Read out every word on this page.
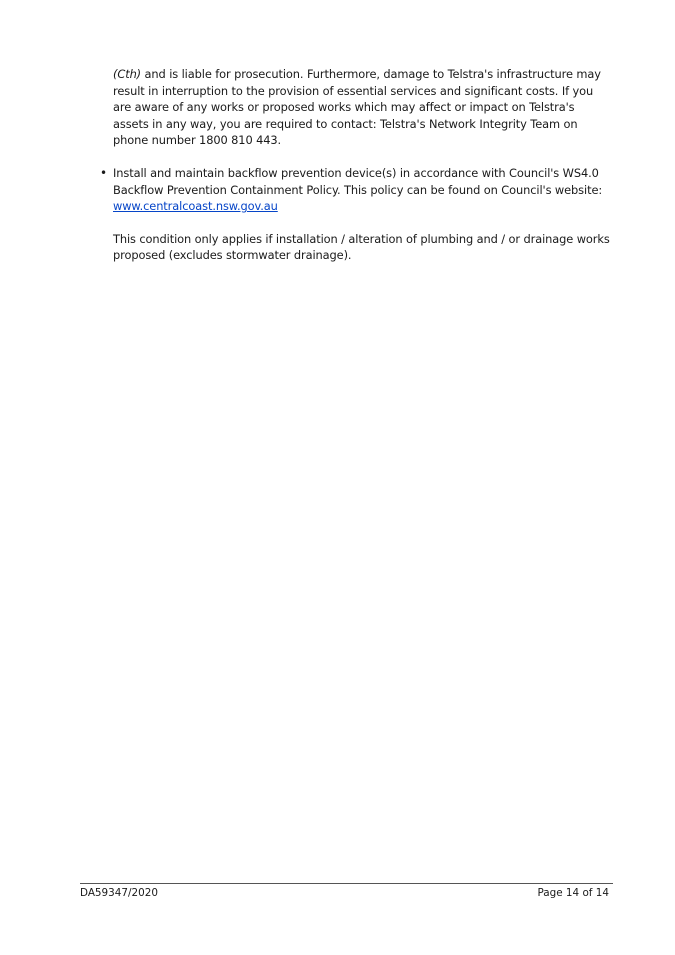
(Cth) and is liable for prosecution. Furthermore, damage to Telstra's infrastructure may result in interruption to the provision of essential services and significant costs. If you are aware of any works or proposed works which may affect or impact on Telstra's assets in any way, you are required to contact: Telstra's Network Integrity Team on phone number 1800 810 443.

• Install and maintain backflow prevention device(s) in accordance with Council's WS4.0 Backflow Prevention Containment Policy. This policy can be found on Council's website:
www.centralcoast.nsw.gov.au

This condition only applies if installation / alteration of plumbing and / or drainage works proposed (excludes stormwater drainage).

DA59347/2020	Page 14 of 14
